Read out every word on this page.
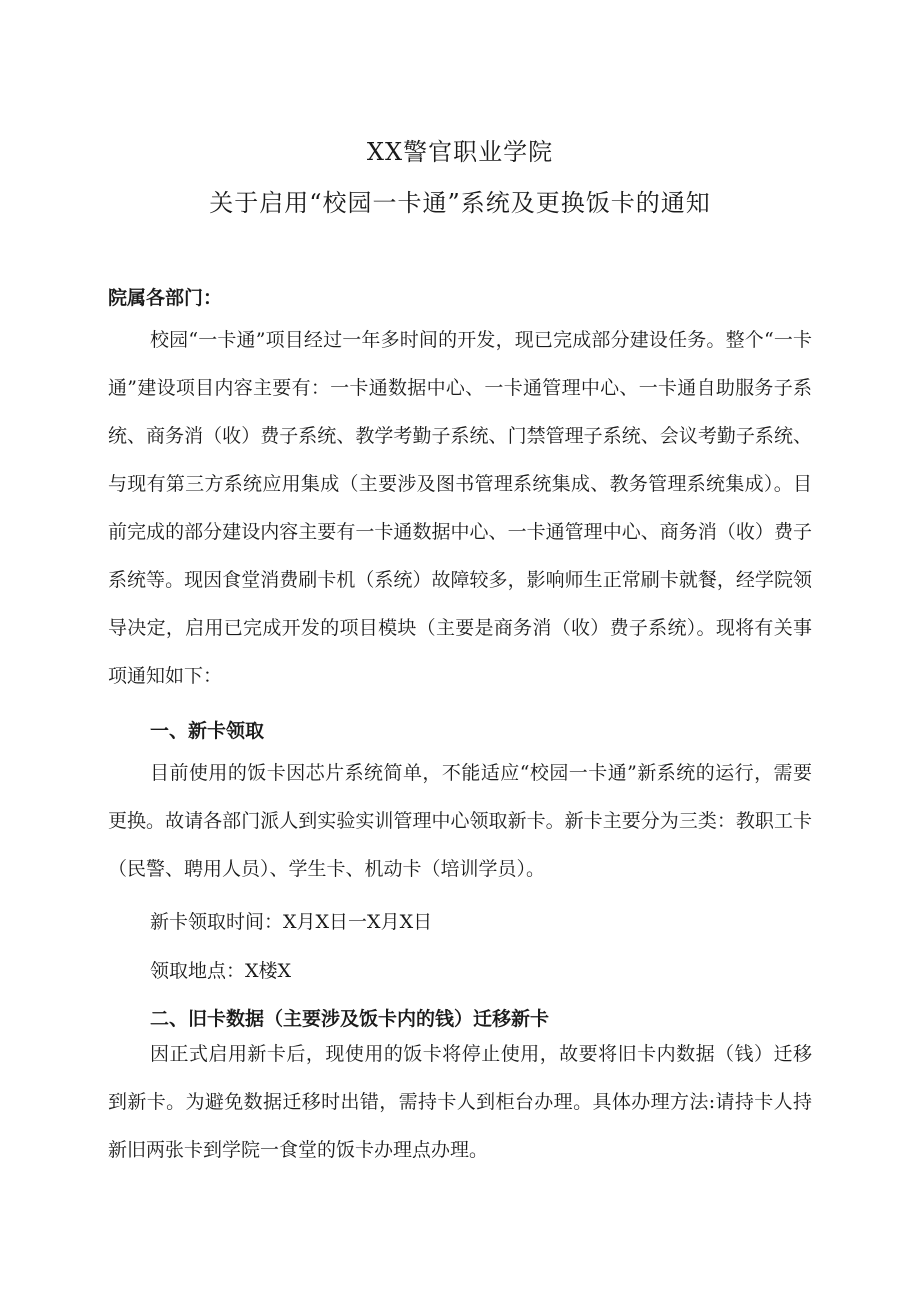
XX警官职业学院
关于启用“校园一卡通”系统及更换饭卡的通知
院属各部门：

校园“一卡通”项目经过一年多时间的开发，现已完成部分建设任务。整个“一卡通”建设项目内容主要有：一卡通数据中心、一卡通管理中心、一卡通自助服务子系统、商务消（收）费子系统、教学考勤子系统、门禁管理子系统、会议考勤子系统、与现有第三方系统应用集成（主要涉及图书管理系统集成、教务管理系统集成）。目前完成的部分建设内容主要有一卡通数据中心、一卡通管理中心、商务消（收）费子系统等。现因食堂消费刷卡机（系统）故障较多，影响师生正常刷卡就餐，经学院领导决定，启用已完成开发的项目模块（主要是商务消（收）费子系统）。现将有关事项通知如下：

一、新卡领取

目前使用的饭卡因芯片系统简单，不能适应“校园一卡通”新系统的运行，需要更换。故请各部门派人到实验实训管理中心领取新卡。新卡主要分为三类：教职工卡（民警、聘用人员）、学生卡、机动卡（培训学员）。

新卡领取时间：X月X日一X月X日
领取地点：X楼X
二、旧卡数据（主要涉及饭卡内的钱）迁移新卡

因正式启用新卡后，现使用的饭卡将停止使用，故要将旧卡内数据（钱）迁移到新卡。为避免数据迁移时出错，需持卡人到柜台办理。具体办理方法:请持卡人持新旧两张卡到学院一食堂的饭卡办理点办理。
